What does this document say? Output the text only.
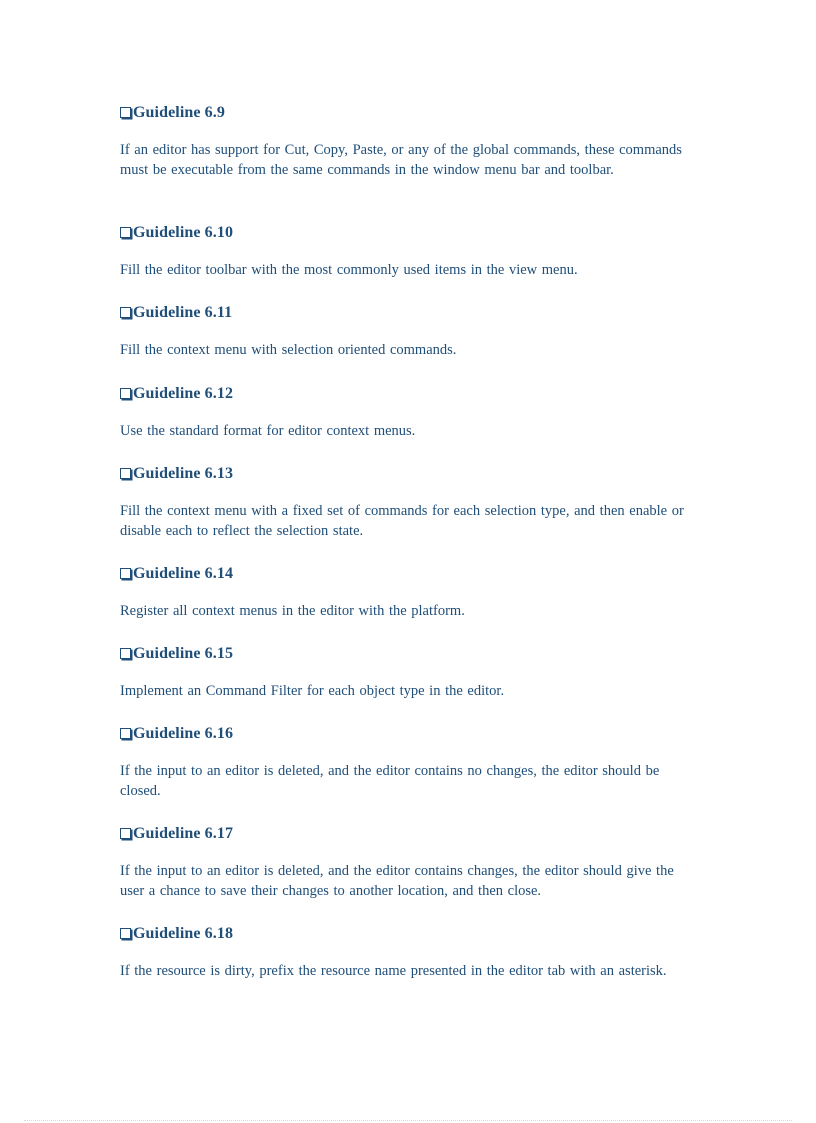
Guideline 6.9

If an editor has support for Cut, Copy, Paste, or any of the global commands, these commands must be executable from the same commands in the window menu bar and toolbar.

Guideline 6.10

Fill the editor toolbar with the most commonly used items in the view menu.

Guideline 6.11

Fill the context menu with selection oriented commands.

Guideline 6.12

Use the standard format for editor context menus.

Guideline 6.13

Fill the context menu with a fixed set of commands for each selection type, and then enable or disable each to reflect the selection state.

Guideline 6.14

Register all context menus in the editor with the platform.

Guideline 6.15

Implement an Command Filter for each object type in the editor.

Guideline 6.16

If the input to an editor is deleted, and the editor contains no changes, the editor should be closed.

Guideline 6.17

If the input to an editor is deleted, and the editor contains changes, the editor should give the user a chance to save their changes to another location, and then close.

Guideline 6.18

If the resource is dirty, prefix the resource name presented in the editor tab with an asterisk.
